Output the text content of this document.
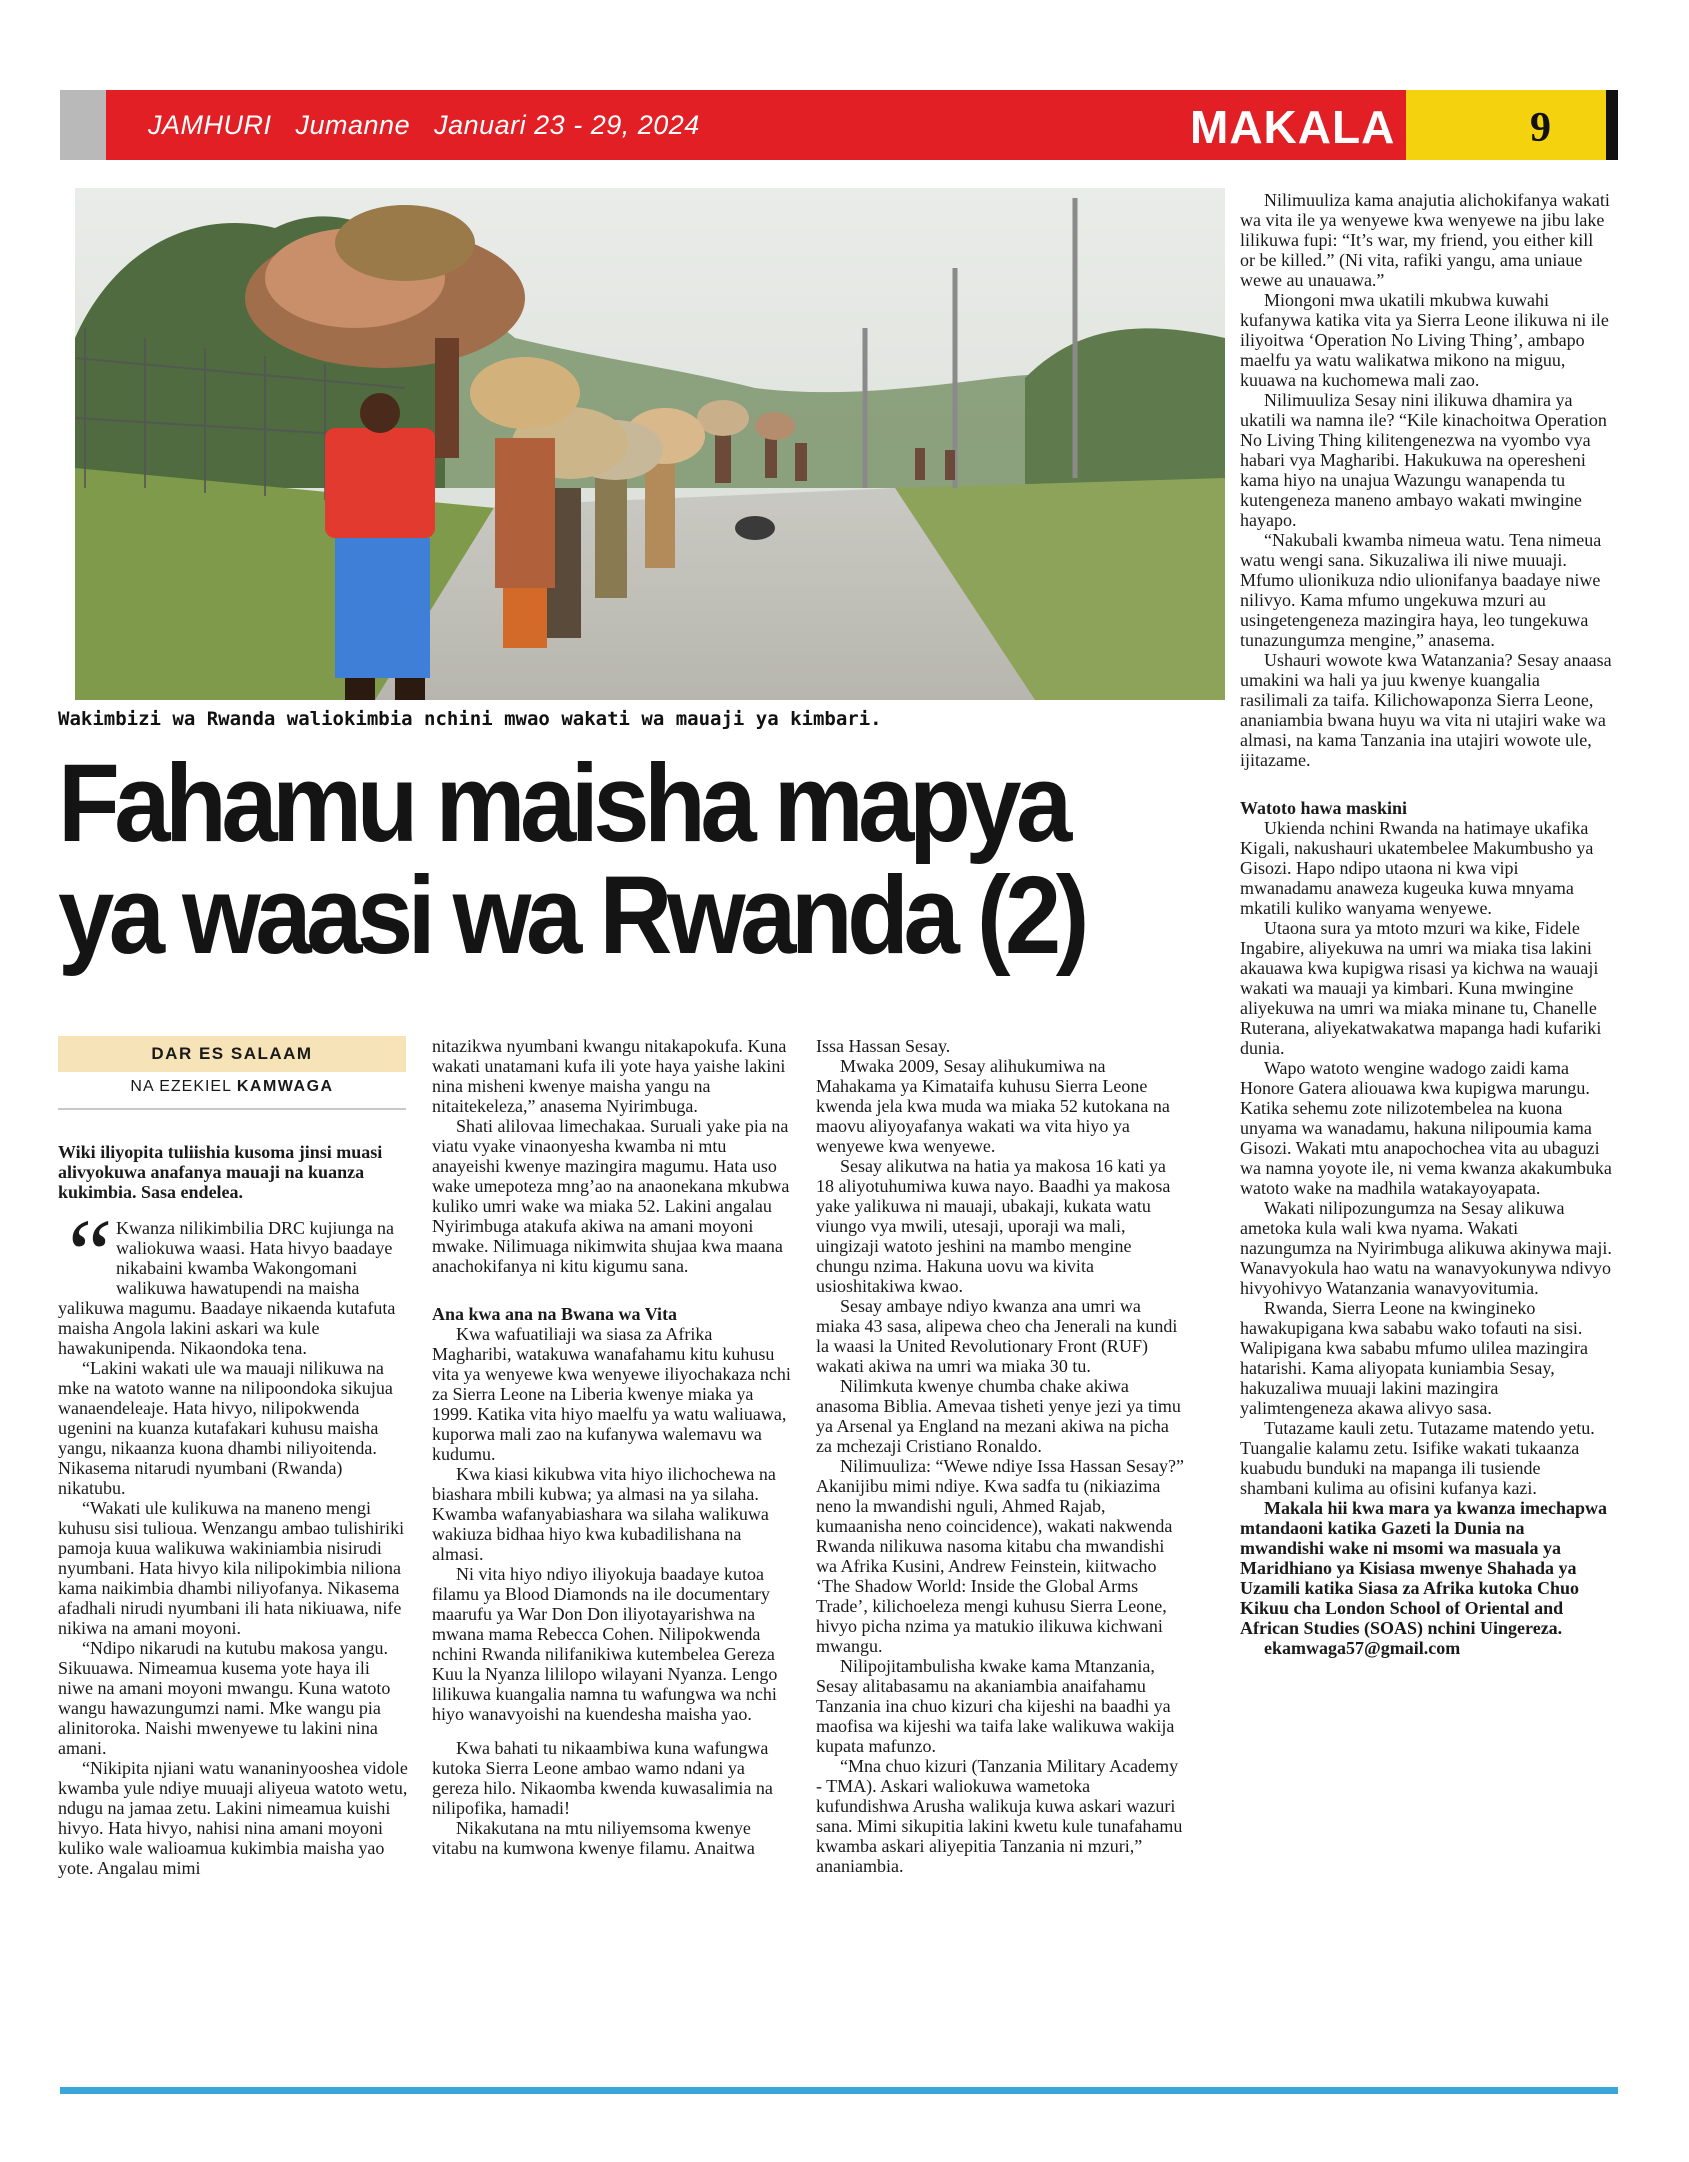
JAMHURI Jumanne Januari 23 - 29, 2024	MAKALA	9
Wakimbizi wa Rwanda waliokimbia nchini mwao wakati wa mauaji ya kimbari.
Fahamu maisha mapya
ya waasi wa Rwanda (2)
DAR ES SALAAM
NA EZEKIEL KAMWAGA

Wiki iliyopita tuliishia kusoma jinsi muasi alivyokuwa anafanya mauaji na kuanza kukimbia. Sasa endelea.

“ Kwanza nilikimbilia DRC kujiunga na waliokuwa waasi. Hata hivyo baadaye nikabaini kwamba Wakongomani walikuwa hawatupendi na maisha yalikuwa magumu. Baadaye nikaenda kutafuta maisha Angola lakini askari wa kule hawakunipenda. Nikaondoka tena.

“Lakini wakati ule wa mauaji nilikuwa na mke na watoto wanne na nilipoondoka sikujua wanaendeleaje. Hata hivyo, nilipokwenda ugenini na kuanza kutafakari kuhusu maisha yangu, nikaanza kuona dhambi niliyoitenda. Nikasema nitarudi nyumbani (Rwanda) nikatubu.

“Wakati ule kulikuwa na maneno mengi kuhusu sisi tulioua. Wenzangu ambao tulishiriki pamoja kuua walikuwa wakiniambia nisirudi nyumbani. Hata hivyo kila nilipokimbia niliona kama naikimbia dhambi niliyofanya. Nikasema afadhali nirudi nyumbani ili hata nikiuawa, nife nikiwa na amani moyoni.

“Ndipo nikarudi na kutubu makosa yangu. Sikuuawa. Nimeamua kusema yote haya ili niwe na amani moyoni mwangu. Kuna watoto wangu hawazungumzi nami. Mke wangu pia alinitoroka. Naishi mwenyewe tu lakini nina amani.

“Nikipita njiani watu wananinyooshea vidole kwamba yule ndiye muuaji aliyeua watoto wetu, ndugu na jamaa zetu. Lakini nimeamua kuishi hivyo. Hata hivyo, nahisi nina amani moyoni kuliko wale walioamua kukimbia maisha yao yote. Angalau mimi

nitazikwa nyumbani kwangu nitakapokufa. Kuna wakati unatamani kufa ili yote haya yaishe lakini nina misheni kwenye maisha yangu na nitaitekeleza,” anasema Nyirimbuga.

Shati alilovaa limechakaa. Suruali yake pia na viatu vyake vinaonyesha kwamba ni mtu anayeishi kwenye mazingira magumu. Hata uso wake umepoteza mng’ao na anaonekana mkubwa kuliko umri wake wa miaka 52. Lakini angalau Nyirimbuga atakufa akiwa na amani moyoni mwake. Nilimuaga nikimwita shujaa kwa maana anachokifanya ni kitu kigumu sana.

Ana kwa ana na Bwana wa Vita

Kwa wafuatiliaji wa siasa za Afrika Magharibi, watakuwa wanafahamu kitu kuhusu vita ya wenyewe kwa wenyewe iliyochakaza nchi za Sierra Leone na Liberia kwenye miaka ya 1999. Katika vita hiyo maelfu ya watu waliuawa, kuporwa mali zao na kufanywa walemavu wa kudumu.

Kwa kiasi kikubwa vita hiyo ilichochewa na biashara mbili kubwa; ya almasi na ya silaha. Kwamba wafanyabiashara wa silaha walikuwa wakiuza bidhaa hiyo kwa kubadilishana na almasi.

Ni vita hiyo ndiyo iliyokuja baadaye kutoa filamu ya Blood Diamonds na ile documentary maarufu ya War Don Don iliyotayarishwa na mwana mama Rebecca Cohen. Nilipokwenda nchini Rwanda nilifanikiwa kutembelea Gereza Kuu la Nyanza lililopo wilayani Nyanza. Lengo lilikuwa kuangalia namna tu wafungwa wa nchi hiyo wanavyoishi na kuendesha maisha yao.

Kwa bahati tu nikaambiwa kuna wafungwa kutoka Sierra Leone ambao wamo ndani ya gereza hilo. Nikaomba kwenda kuwasalimia na nilipofika, hamadi!

Nikakutana na mtu niliyemsoma kwenye vitabu na kumwona kwenye filamu. Anaitwa

Issa Hassan Sesay.

Mwaka 2009, Sesay alihukumiwa na Mahakama ya Kimataifa kuhusu Sierra Leone kwenda jela kwa muda wa miaka 52 kutokana na maovu aliyoyafanya wakati wa vita hiyo ya wenyewe kwa wenyewe.

Sesay alikutwa na hatia ya makosa 16 kati ya 18 aliyotuhumiwa kuwa nayo. Baadhi ya makosa yake yalikuwa ni mauaji, ubakaji, kukata watu viungo vya mwili, utesaji, uporaji wa mali, uingizaji watoto jeshini na mambo mengine chungu nzima. Hakuna uovu wa kivita usioshitakiwa kwao.

Sesay ambaye ndiyo kwanza ana umri wa miaka 43 sasa, alipewa cheo cha Jenerali na kundi la waasi la United Revolutionary Front (RUF) wakati akiwa na umri wa miaka 30 tu.

Nilimkuta kwenye chumba chake akiwa anasoma Biblia. Amevaa tisheti yenye jezi ya timu ya Arsenal ya England na mezani akiwa na picha za mchezaji Cristiano Ronaldo.

Nilimuuliza: “Wewe ndiye Issa Hassan Sesay?” Akanijibu mimi ndiye. Kwa sadfa tu (nikiazima neno la mwandishi nguli, Ahmed Rajab, kumaanisha neno coincidence), wakati nakwenda Rwanda nilikuwa nasoma kitabu cha mwandishi wa Afrika Kusini, Andrew Feinstein, kiitwacho ‘The Shadow World: Inside the Global Arms Trade’, kilichoeleza mengi kuhusu Sierra Leone, hivyo picha nzima ya matukio ilikuwa kichwani mwangu.

Nilipojitambulisha kwake kama Mtanzania, Sesay alitabasamu na akaniambia anaifahamu Tanzania ina chuo kizuri cha kijeshi na baadhi ya maofisa wa kijeshi wa taifa lake walikuwa wakija kupata mafunzo.

“Mna chuo kizuri (Tanzania Military Academy - TMA). Askari waliokuwa wametoka kufundishwa Arusha walikuja kuwa askari wazuri sana. Mimi sikupitia lakini kwetu kule tunafahamu kwamba askari aliyepitia Tanzania ni mzuri,” ananiambia.

Nilimuuliza kama anajutia alichokifanya wakati wa vita ile ya wenyewe kwa wenyewe na jibu lake lilikuwa fupi: “It’s war, my friend, you either kill or be killed.” (Ni vita, rafiki yangu, ama uniaue wewe au unauawa.”

Miongoni mwa ukatili mkubwa kuwahi kufanywa katika vita ya Sierra Leone ilikuwa ni ile iliyoitwa ‘Operation No Living Thing’, ambapo maelfu ya watu walikatwa mikono na miguu, kuuawa na kuchomewa mali zao.

Nilimuuliza Sesay nini ilikuwa dhamira ya ukatili wa namna ile? “Kile kinachoitwa Operation No Living Thing kilitengenezwa na vyombo vya habari vya Magharibi. Hakukuwa na operesheni kama hiyo na unajua Wazungu wanapenda tu kutengeneza maneno ambayo wakati mwingine hayapo.

“Nakubali kwamba nimeua watu. Tena nimeua watu wengi sana. Sikuzaliwa ili niwe muuaji. Mfumo ulionikuza ndio ulionifanya baadaye niwe nilivyo. Kama mfumo ungekuwa mzuri au usingetengeneza mazingira haya, leo tungekuwa tunazungumza mengine,” anasema.

Ushauri wowote kwa Watanzania? Sesay anaasa umakini wa hali ya juu kwenye kuangalia rasilimali za taifa. Kilichowaponza Sierra Leone, ananiambia bwana huyu wa vita ni utajiri wake wa almasi, na kama Tanzania ina utajiri wowote ule, ijitazame.

Watoto hawa maskini

Ukienda nchini Rwanda na hatimaye ukafika Kigali, nakushauri ukatembelee Makumbusho ya Gisozi. Hapo ndipo utaona ni kwa vipi mwanadamu anaweza kugeuka kuwa mnyama mkatili kuliko wanyama wenyewe.

Utaona sura ya mtoto mzuri wa kike, Fidele Ingabire, aliyekuwa na umri wa miaka tisa lakini akauawa kwa kupigwa risasi ya kichwa na wauaji wakati wa mauaji ya kimbari. Kuna mwingine aliyekuwa na umri wa miaka minane tu, Chanelle Ruterana, aliyekatwakatwa mapanga hadi kufariki dunia.

Wapo watoto wengine wadogo zaidi kama Honore Gatera aliouawa kwa kupigwa marungu. Katika sehemu zote nilizotembelea na kuona unyama wa wanadamu, hakuna nilipoumia kama Gisozi. Wakati mtu anapochochea vita au ubaguzi wa namna yoyote ile, ni vema kwanza akakumbuka watoto wake na madhila watakayoyapata.

Wakati nilipozungumza na Sesay alikuwa ametoka kula wali kwa nyama. Wakati nazungumza na Nyirimbuga alikuwa akinywa maji. Wanavyokula hao watu na wanavyokunywa ndivyo hivyohivyo Watanzania wanavyovitumia.

Rwanda, Sierra Leone na kwingineko hawakupigana kwa sababu wako tofauti na sisi. Walipigana kwa sababu mfumo ulilea mazingira hatarishi. Kama aliyopata kuniambia Sesay, hakuzaliwa muuaji lakini mazingira yalimtengeneza akawa alivyo sasa.

Tutazame kauli zetu. Tutazame matendo yetu. Tuangalie kalamu zetu. Isifike wakati tukaanza kuabudu bunduki na mapanga ili tusiende shambani kulima au ofisini kufanya kazi.

Makala hii kwa mara ya kwanza imechapwa mtandaoni katika Gazeti la Dunia na mwandishi wake ni msomi wa masuala ya Maridhiano ya Kisiasa mwenye Shahada ya Uzamili katika Siasa za Afrika kutoka Chuo Kikuu cha London School of Oriental and African Studies (SOAS) nchini Uingereza.

ekamwaga57@gmail.com
